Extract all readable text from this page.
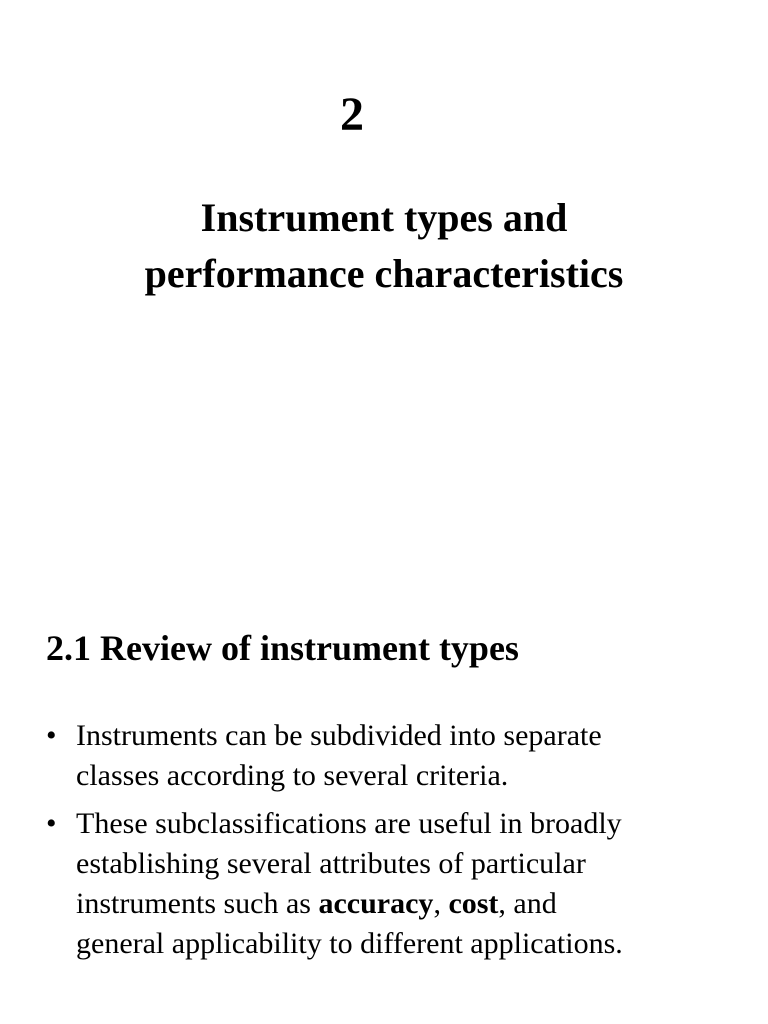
2
Instrument types and
performance characteristics
2.1 Review of instrument types
• Instruments can be subdivided into separate
classes according to several criteria.
• These subclassifications are useful in broadly
establishing several attributes of particular
instruments such as accuracy, cost, and
general applicability to different applications.
